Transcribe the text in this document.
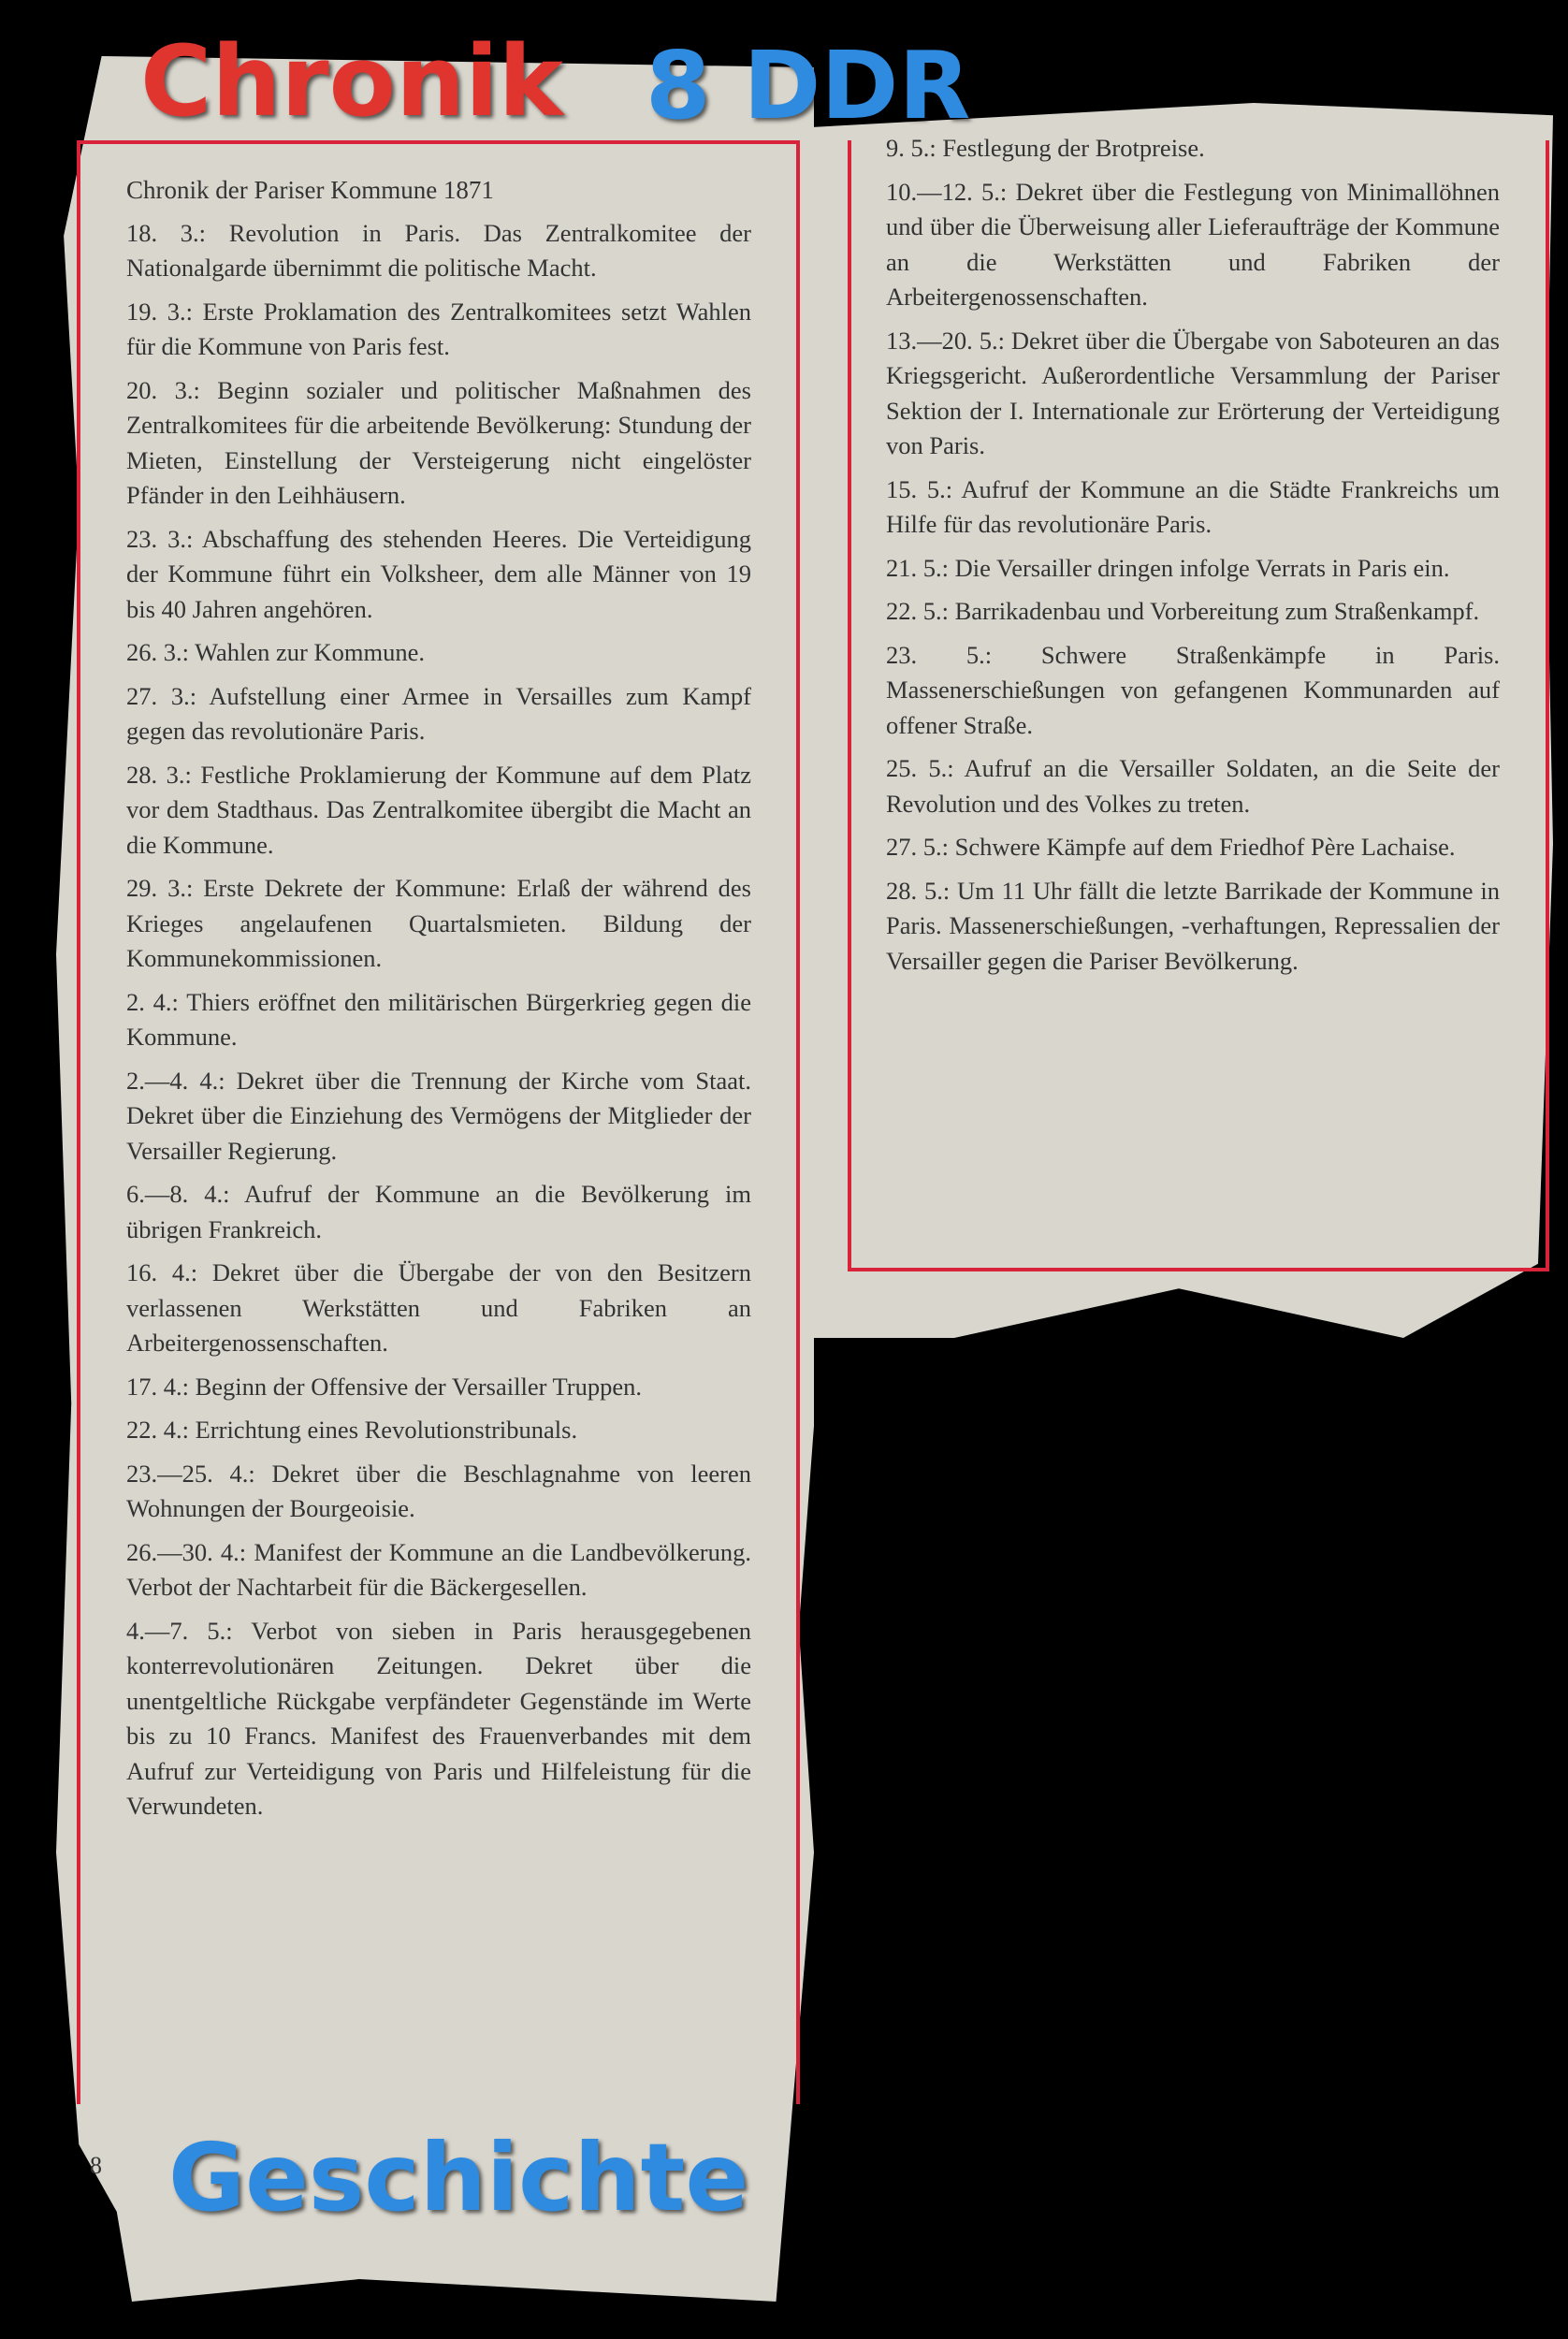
Chronik 8 DDR

Chronik der Pariser Kommune 1871

18. 3.: Revolution in Paris. Das Zentralkomitee der Nationalgarde übernimmt die politische Macht.

19. 3.: Erste Proklamation des Zentralkomitees setzt Wahlen für die Kommune von Paris fest.

20. 3.: Beginn sozialer und politischer Maßnahmen des Zentralkomitees für die arbeitende Bevölkerung: Stundung der Mieten, Einstellung der Versteigerung nicht eingelöster Pfänder in den Leihhäusern.

23. 3.: Abschaffung des stehenden Heeres. Die Verteidigung der Kommune führt ein Volksheer, dem alle Männer von 19 bis 40 Jahren angehören.

26. 3.: Wahlen zur Kommune.

27. 3.: Aufstellung einer Armee in Versailles zum Kampf gegen das revolutionäre Paris.

28. 3.: Festliche Proklamierung der Kommune auf dem Platz vor dem Stadthaus. Das Zentralkomitee übergibt die Macht an die Kommune.

29. 3.: Erste Dekrete der Kommune: Erlaß der während des Krieges angelaufenen Quartalsmieten. Bildung der Kommunekommissionen.

2. 4.: Thiers eröffnet den militärischen Bürgerkrieg gegen die Kommune.

2.—4. 4.: Dekret über die Trennung der Kirche vom Staat. Dekret über die Einziehung des Vermögens der Mitglieder der Versailler Regierung.

6.—8. 4.: Aufruf der Kommune an die Bevölkerung im übrigen Frankreich.

16. 4.: Dekret über die Übergabe der von den Besitzern verlassenen Werkstätten und Fabriken an Arbeitergenossenschaften.

17. 4.: Beginn der Offensive der Versailler Truppen.

22. 4.: Errichtung eines Revolutionstribunals.

23.—25. 4.: Dekret über die Beschlagnahme von leeren Wohnungen der Bourgeoisie.

26.—30. 4.: Manifest der Kommune an die Landbevölkerung. Verbot der Nachtarbeit für die Bäckergesellen.

4.—7. 5.: Verbot von sieben in Paris herausgegebenen konterrevolutionären Zeitungen. Dekret über die unentgeltliche Rückgabe verpfändeter Gegenstände im Werte bis zu 10 Francs. Manifest des Frauenverbandes mit dem Aufruf zur Verteidigung von Paris und Hilfeleistung für die Verwundeten.

9. 5.: Festlegung der Brotpreise.

10.—12. 5.: Dekret über die Festlegung von Minimallöhnen und über die Überweisung aller Lieferaufträge der Kommune an die Werkstätten und Fabriken der Arbeitergenossenschaften.

13.—20. 5.: Dekret über die Übergabe von Saboteuren an das Kriegsgericht. Außerordentliche Versammlung der Pariser Sektion der I. Internationale zur Erörterung der Verteidigung von Paris.

15. 5.: Aufruf der Kommune an die Städte Frankreichs um Hilfe für das revolutionäre Paris.

21. 5.: Die Versailler dringen infolge Verrats in Paris ein.

22. 5.: Barrikadenbau und Vorbereitung zum Straßenkampf.

23. 5.: Schwere Straßenkämpfe in Paris. Massenerschießungen von gefangenen Kommunarden auf offener Straße.

25. 5.: Aufruf an die Versailler Soldaten, an die Seite der Revolution und des Volkes zu treten.

27. 5.: Schwere Kämpfe auf dem Friedhof Père Lachaise.

28. 5.: Um 11 Uhr fällt die letzte Barrikade der Kommune in Paris. Massenerschießungen, -verhaftungen, Repressalien der Versailler gegen die Pariser Bevölkerung.

8 Geschichte
